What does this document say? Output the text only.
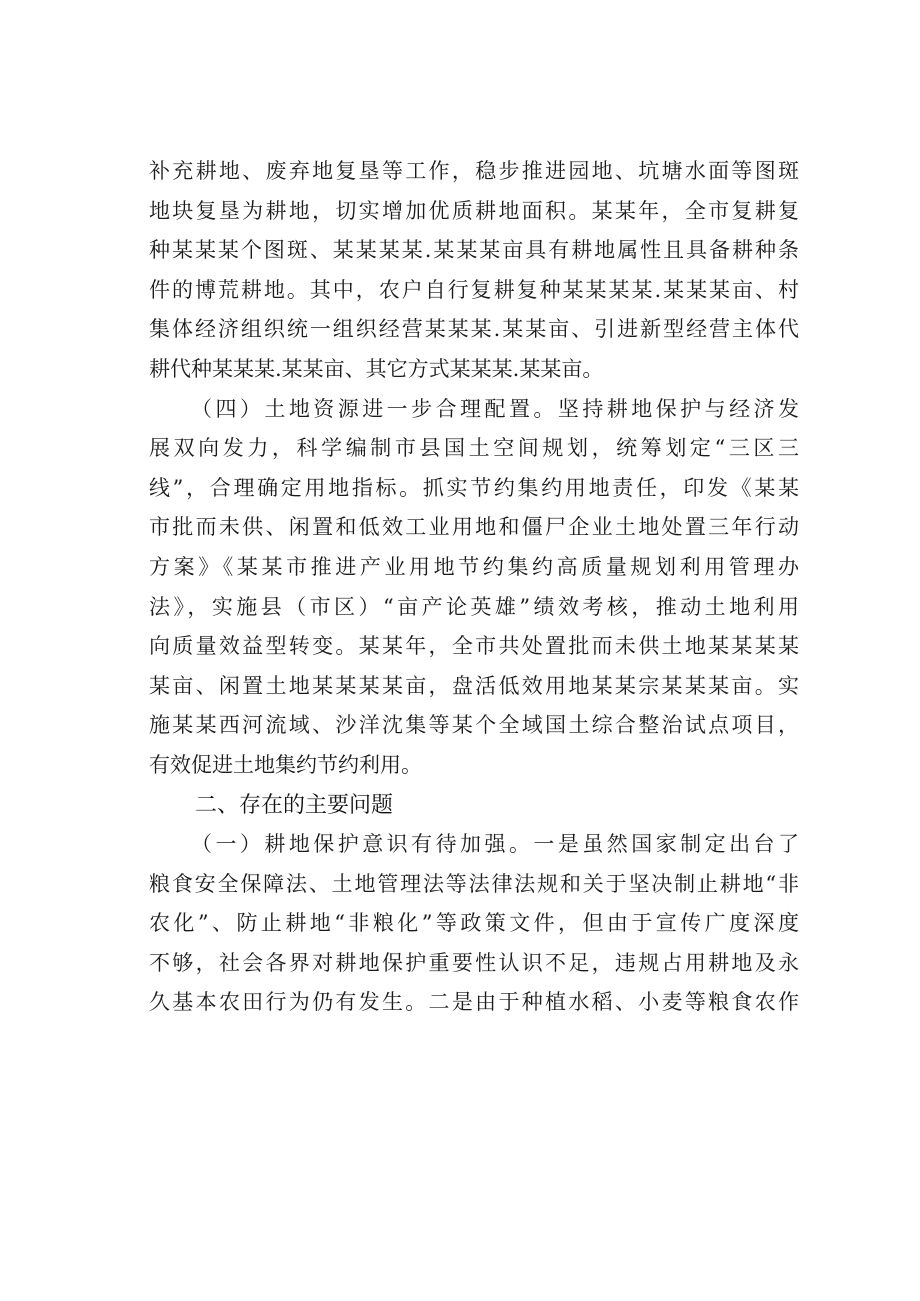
补充耕地、废弃地复垦等工作，稳步推进园地、坑塘水面等图斑
地块复垦为耕地，切实增加优质耕地面积。某某年，全市复耕复
种某某某个图斑、某某某某.某某某亩具有耕地属性且具备耕种条
件的博荒耕地。其中，农户自行复耕复种某某某某.某某某亩、村
集体经济组织统一组织经营某某某.某某亩、引进新型经营主体代
耕代种某某某.某某亩、其它方式某某某.某某亩。
（四）土地资源进一步合理配置。坚持耕地保护与经济发
展双向发力，科学编制市县国土空间规划，统筹划定“三区三
线”，合理确定用地指标。抓实节约集约用地责任，印发《某某
市批而未供、闲置和低效工业用地和僵尸企业土地处置三年行动
方案》《某某市推进产业用地节约集约高质量规划利用管理办
法》，实施县（市区）“亩产论英雄”绩效考核，推动土地利用
向质量效益型转变。某某年，全市共处置批而未供土地某某某某
某亩、闲置土地某某某某亩，盘活低效用地某某宗某某某亩。实
施某某西河流域、沙洋沈集等某个全域国土综合整治试点项目，
有效促进土地集约节约利用。
二、存在的主要问题
（一）耕地保护意识有待加强。一是虽然国家制定出台了
粮食安全保障法、土地管理法等法律法规和关于坚决制止耕地“非
农化”、防止耕地“非粮化”等政策文件，但由于宣传广度深度
不够，社会各界对耕地保护重要性认识不足，违规占用耕地及永
久基本农田行为仍有发生。二是由于种植水稻、小麦等粮食农作
